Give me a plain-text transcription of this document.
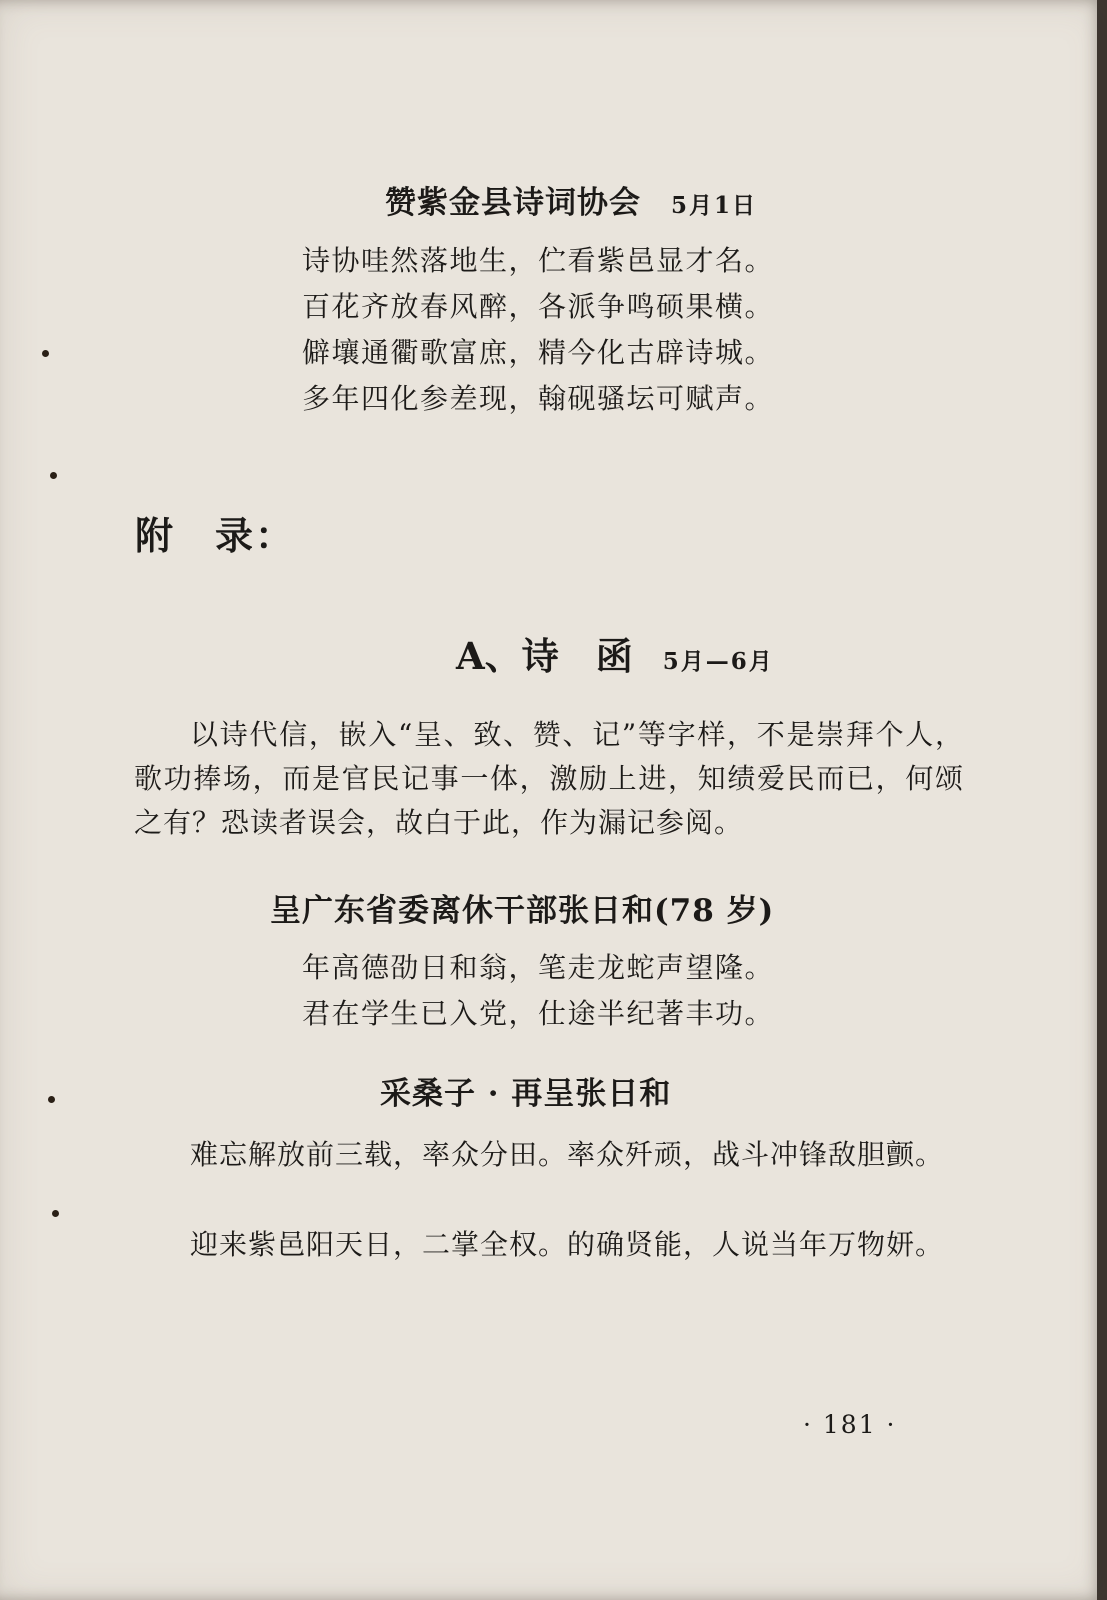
赞紫金县诗词协会 5月1日
诗协哇然落地生，伫看紫邑显才名。
百花齐放春风醉，各派争鸣硕果横。
僻壤通衢歌富庶，精今化古辟诗城。
多年四化参差现，翰砚骚坛可赋声。
附　录：
A、诗　函 5月—6月
以诗代信，嵌入“呈、致、赞、记”等字样，不是崇拜个人，歌功捧场，而是官民记事一体，激励上进，知绩爱民而已，何颂之有？恐读者误会，故白于此，作为漏记参阅。
呈广东省委离休干部张日和(78 岁)
年高德劭日和翁，笔走龙蛇声望隆。
君在学生已入党，仕途半纪著丰功。
采桑子 · 再呈张日和
难忘解放前三载，率众分田。率众歼顽，战斗冲锋敌胆颤。
迎来紫邑阳天日，二掌全权。的确贤能，人说当年万物妍。
· 181 ·
